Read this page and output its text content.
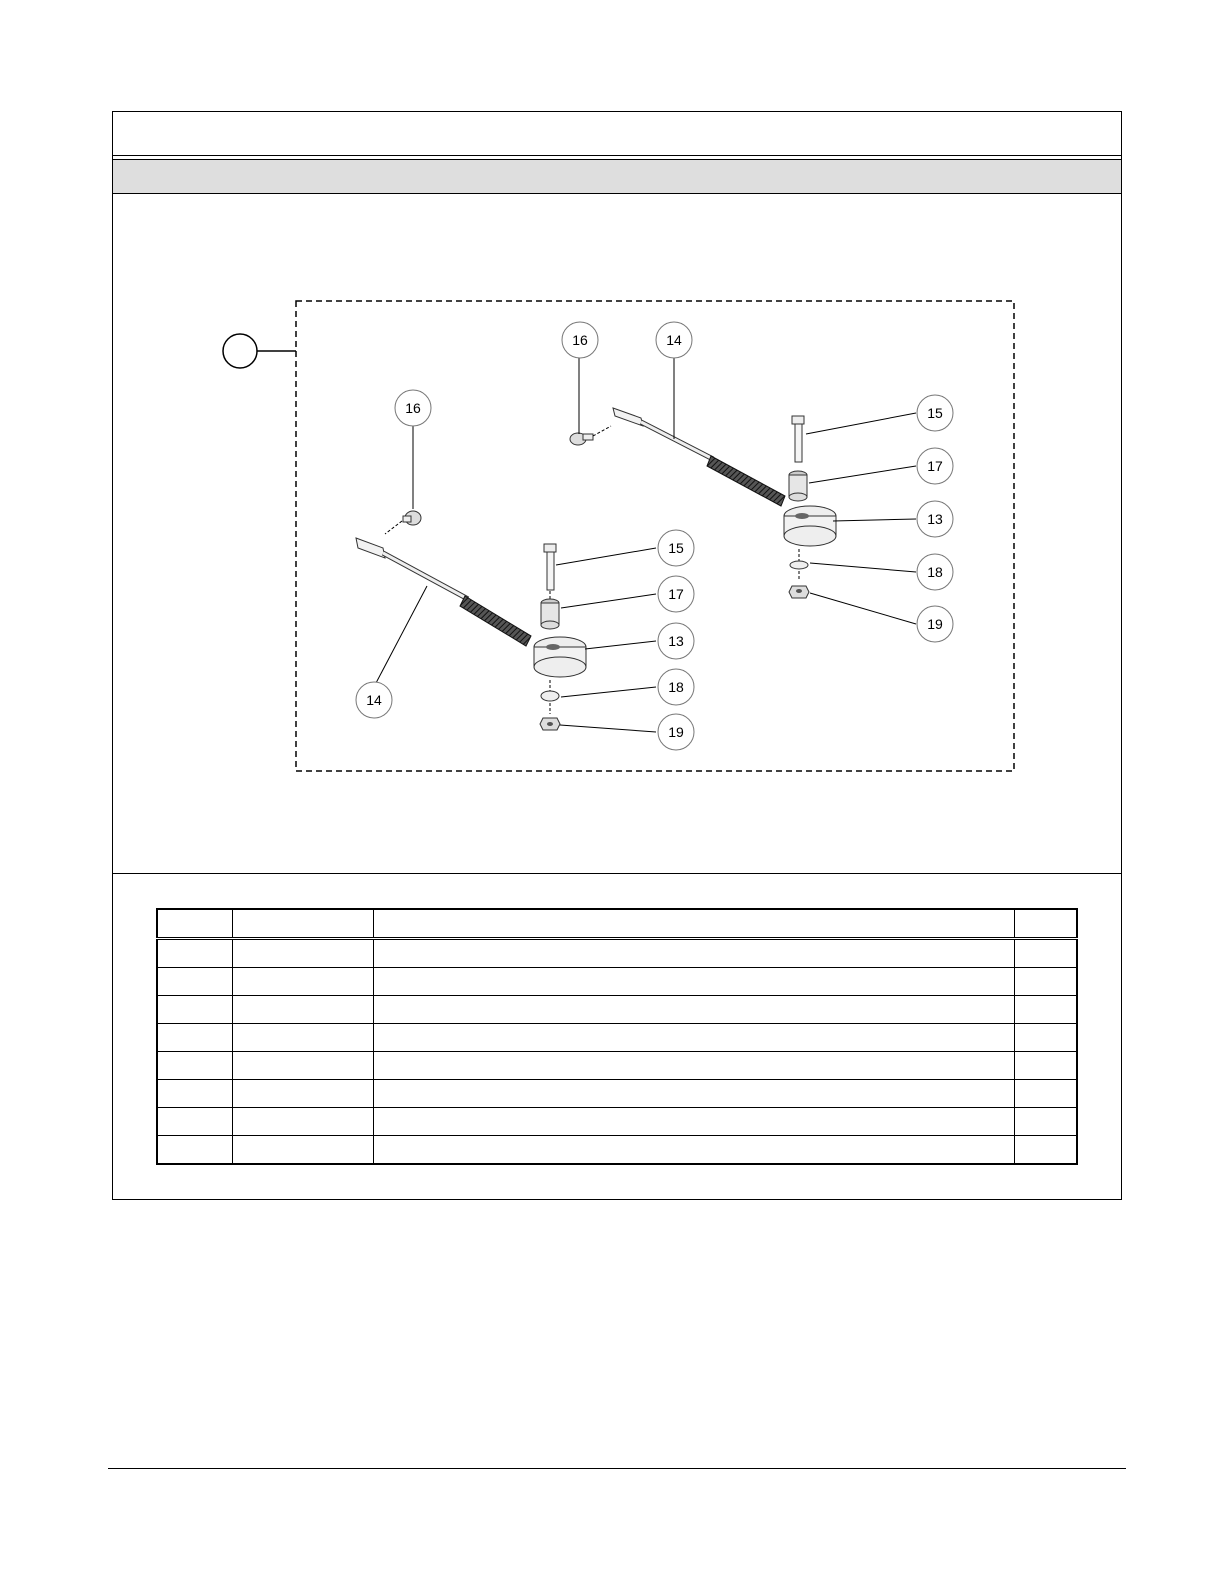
16	14
15
17
13
18
19
16
15
17
13
18
14
19
